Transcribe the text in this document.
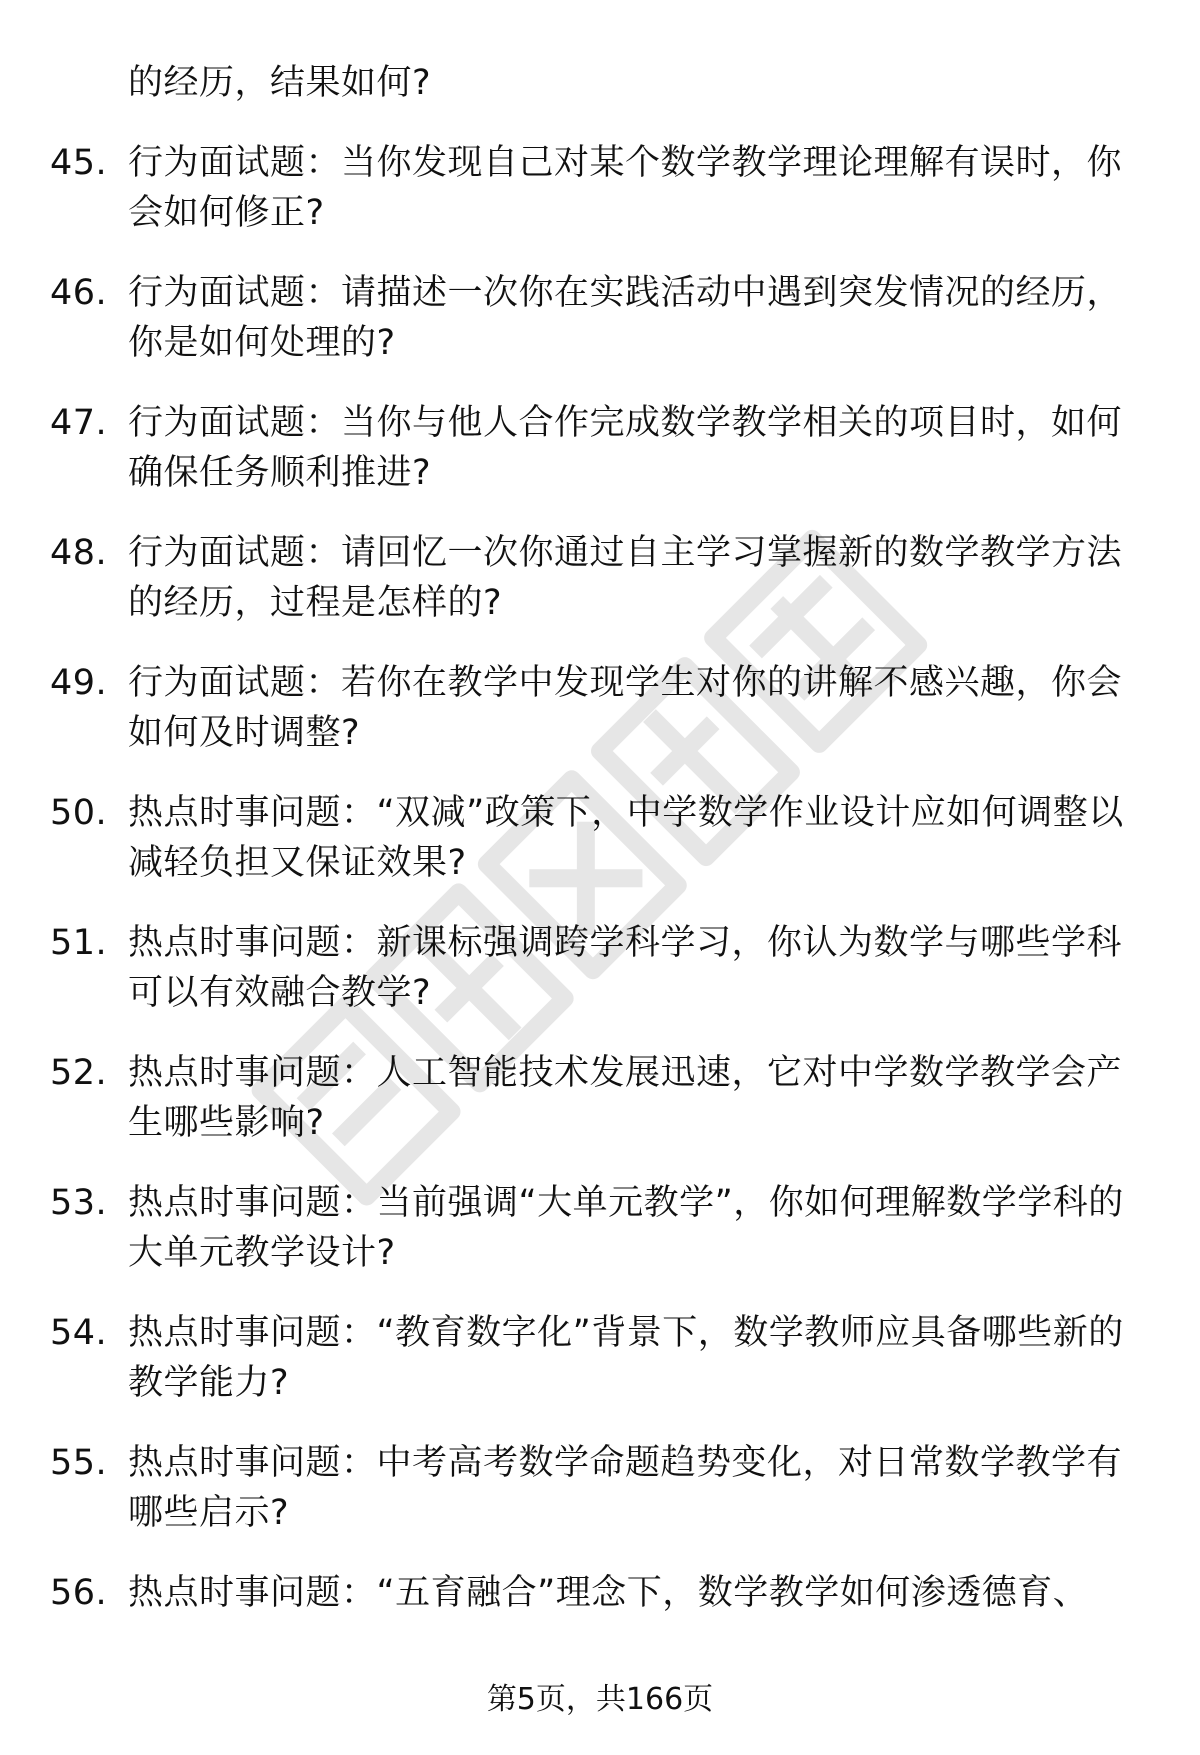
的经历，结果如何?
45. 行为面试题：当你发现自己对某个数学教学理论理解有误时，你会如何修正?
46. 行为面试题：请描述一次你在实践活动中遇到突发情况的经历，你是如何处理的?
47. 行为面试题：当你与他人合作完成数学教学相关的项目时，如何确保任务顺利推进?
48. 行为面试题：请回忆一次你通过自主学习掌握新的数学教学方法的经历，过程是怎样的?
49. 行为面试题：若你在教学中发现学生对你的讲解不感兴趣，你会如何及时调整?
50. 热点时事问题：“双减”政策下，中学数学作业设计应如何调整以减轻负担又保证效果?
51. 热点时事问题：新课标强调跨学科学习，你认为数学与哪些学科可以有效融合教学?
52. 热点时事问题：人工智能技术发展迅速，它对中学数学教学会产生哪些影响?
53. 热点时事问题：当前强调“大单元教学”，你如何理解数学学科的大单元教学设计?
54. 热点时事问题：“教育数字化”背景下，数学教师应具备哪些新的教学能力?
55. 热点时事问题：中考高考数学命题趋势变化，对日常数学教学有哪些启示?
56. 热点时事问题：“五育融合”理念下，数学教学如何渗透德育、
第5页，共166页
